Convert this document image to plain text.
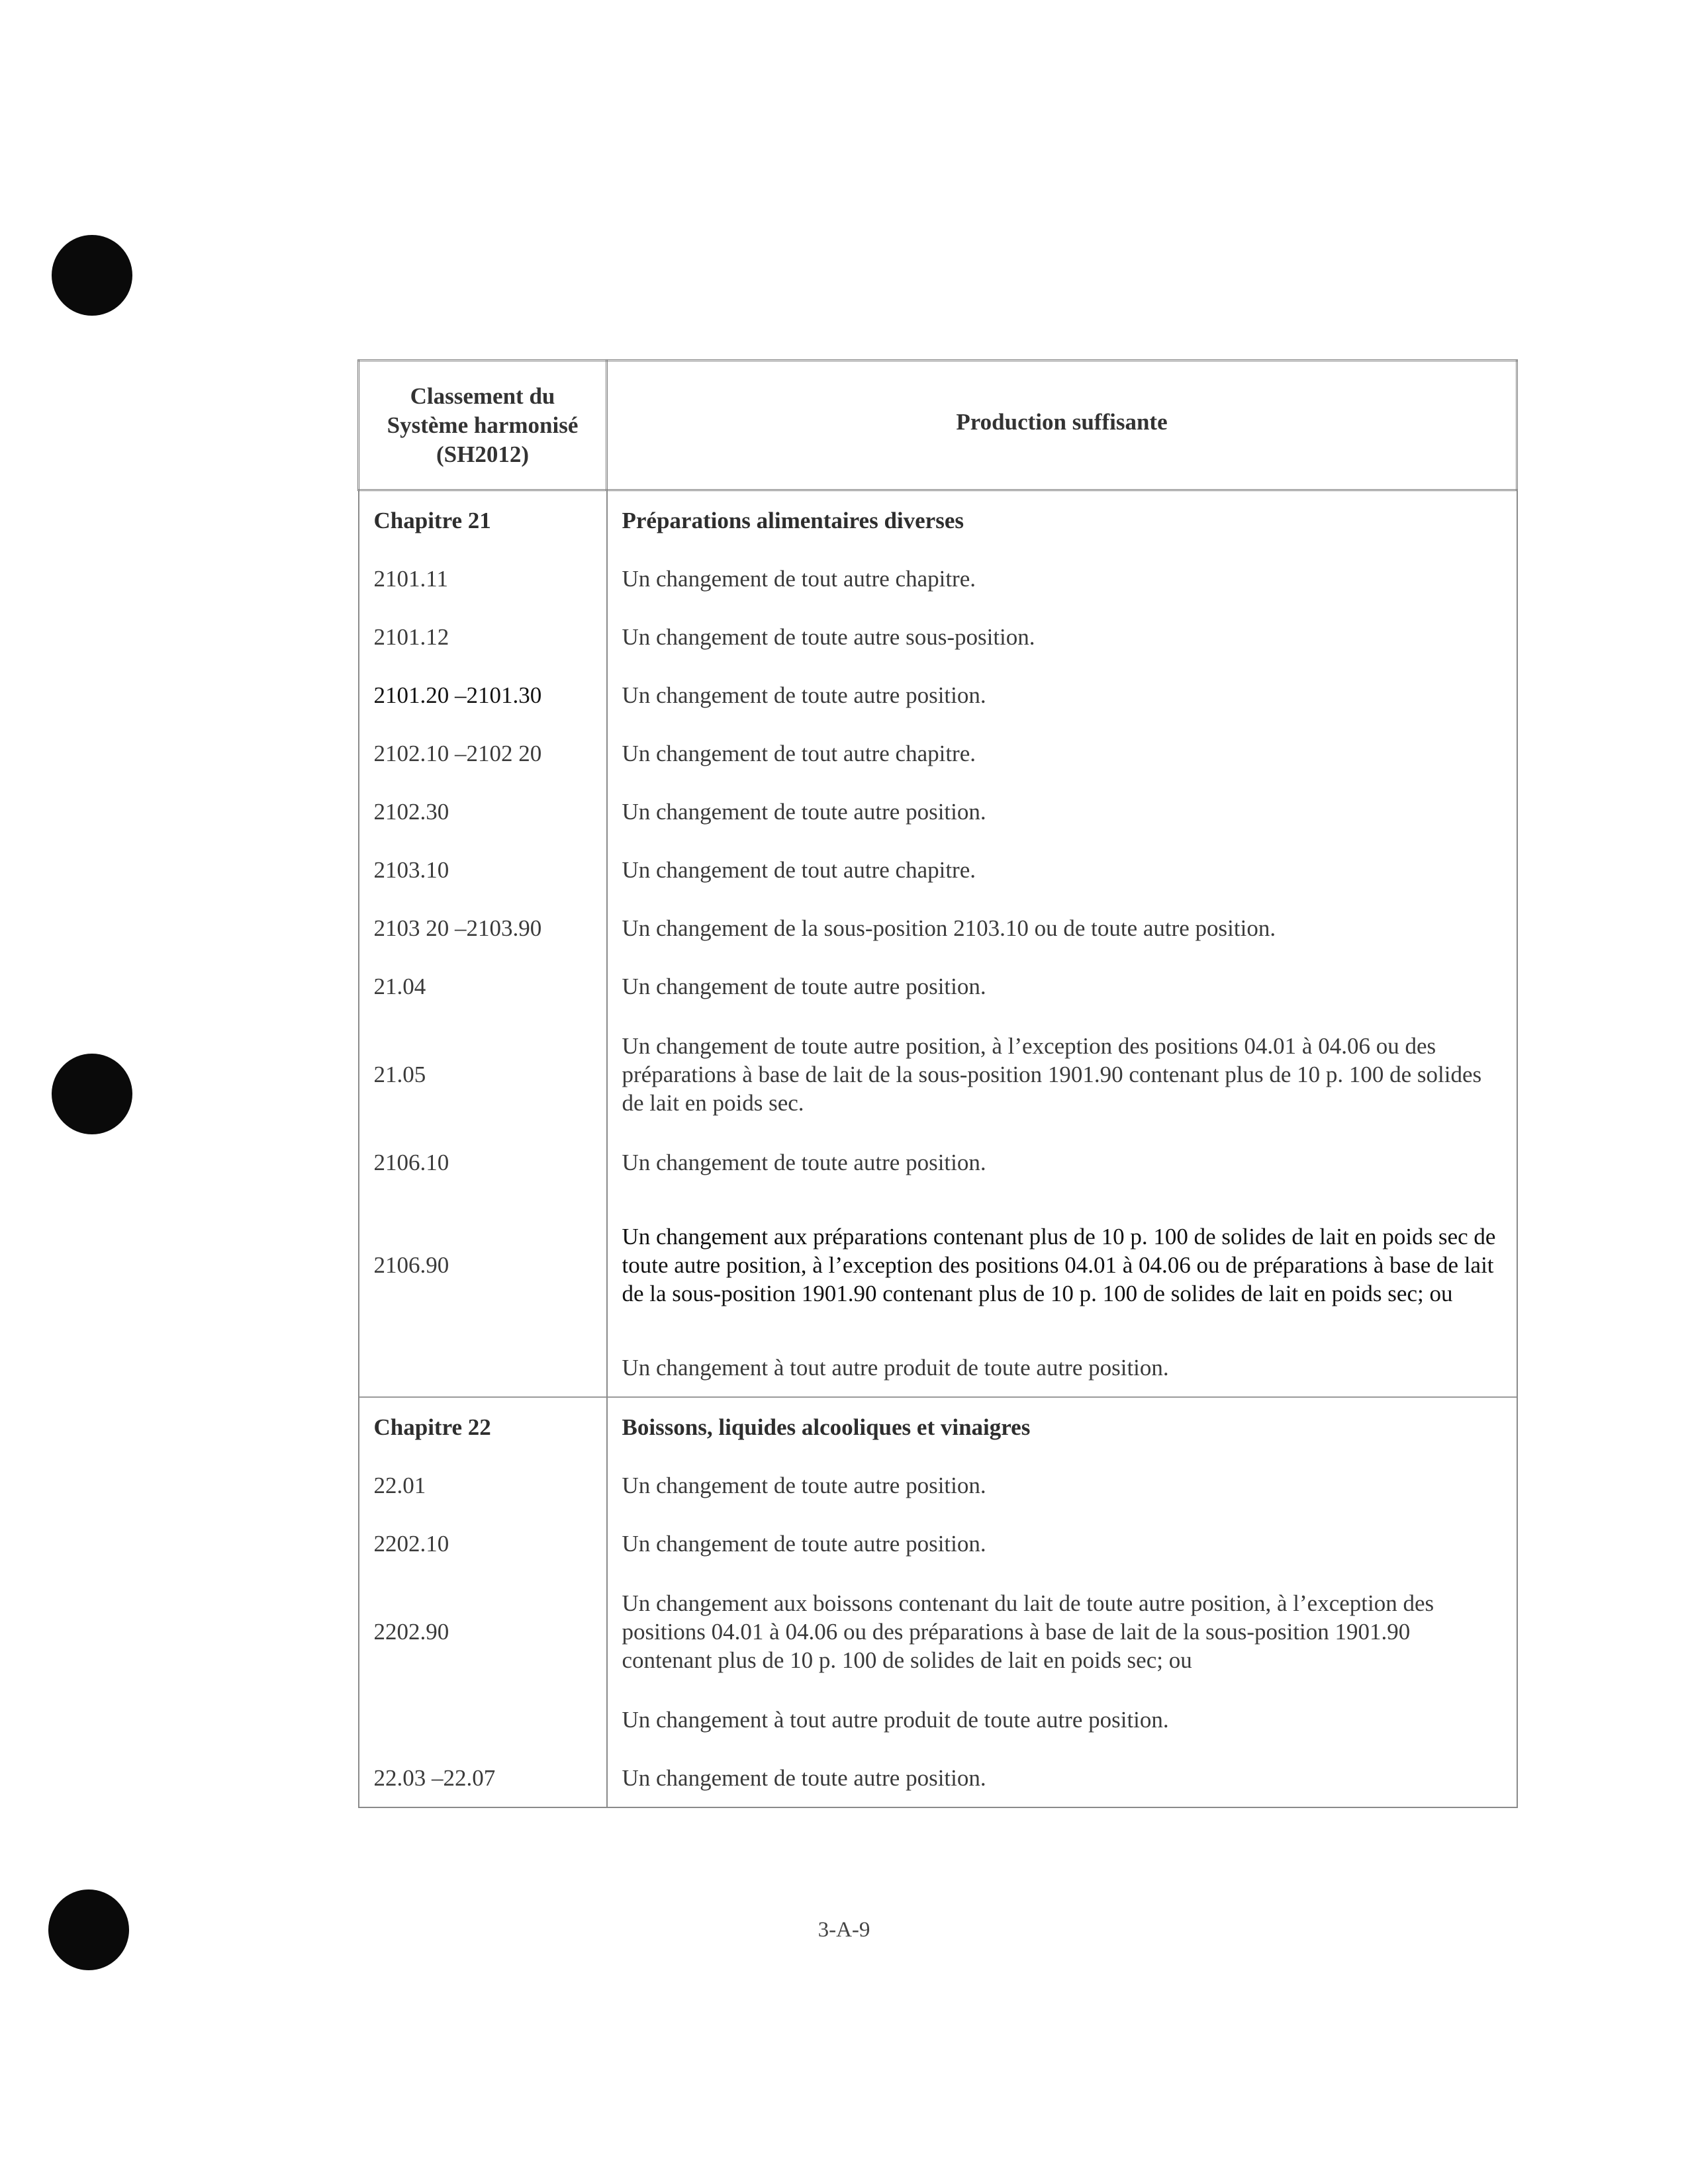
Classement du
Système harmonisé
(SH2012)	Production suffisante
Chapitre 21	Préparations alimentaires diverses
2101.11	Un changement de tout autre chapitre.
2101.12	Un changement de toute autre sous-position.
2101.20 –2101.30	Un changement de toute autre position.
2102.10 –2102 20	Un changement de tout autre chapitre.
2102.30	Un changement de toute autre position.
2103.10	Un changement de tout autre chapitre.
2103 20 –2103.90	Un changement de la sous-position 2103.10 ou de toute autre position.
21.04	Un changement de toute autre position.
21.05	Un changement de toute autre position, à l’exception des positions 04.01 à 04.06 ou des préparations à base de lait de la sous-position 1901.90 contenant plus de 10 p. 100 de solides de lait en poids sec.
2106.10	Un changement de toute autre position.
2106.90	Un changement aux préparations contenant plus de 10 p. 100 de solides de lait en poids sec de toute autre position, à l’exception des positions 04.01 à 04.06 ou de préparations à base de lait de la sous-position 1901.90 contenant plus de 10 p. 100 de solides de lait en poids sec; ou
	Un changement à tout autre produit de toute autre position.
Chapitre 22	Boissons, liquides alcooliques et vinaigres
22.01	Un changement de toute autre position.
2202.10	Un changement de toute autre position.
2202.90	Un changement aux boissons contenant du lait de toute autre position, à l’exception des positions 04.01 à 04.06 ou des préparations à base de lait de la sous-position 1901.90 contenant plus de 10 p. 100 de solides de lait en poids sec; ou
	Un changement à tout autre produit de toute autre position.
22.03 –22.07	Un changement de toute autre position.
3-A-9
